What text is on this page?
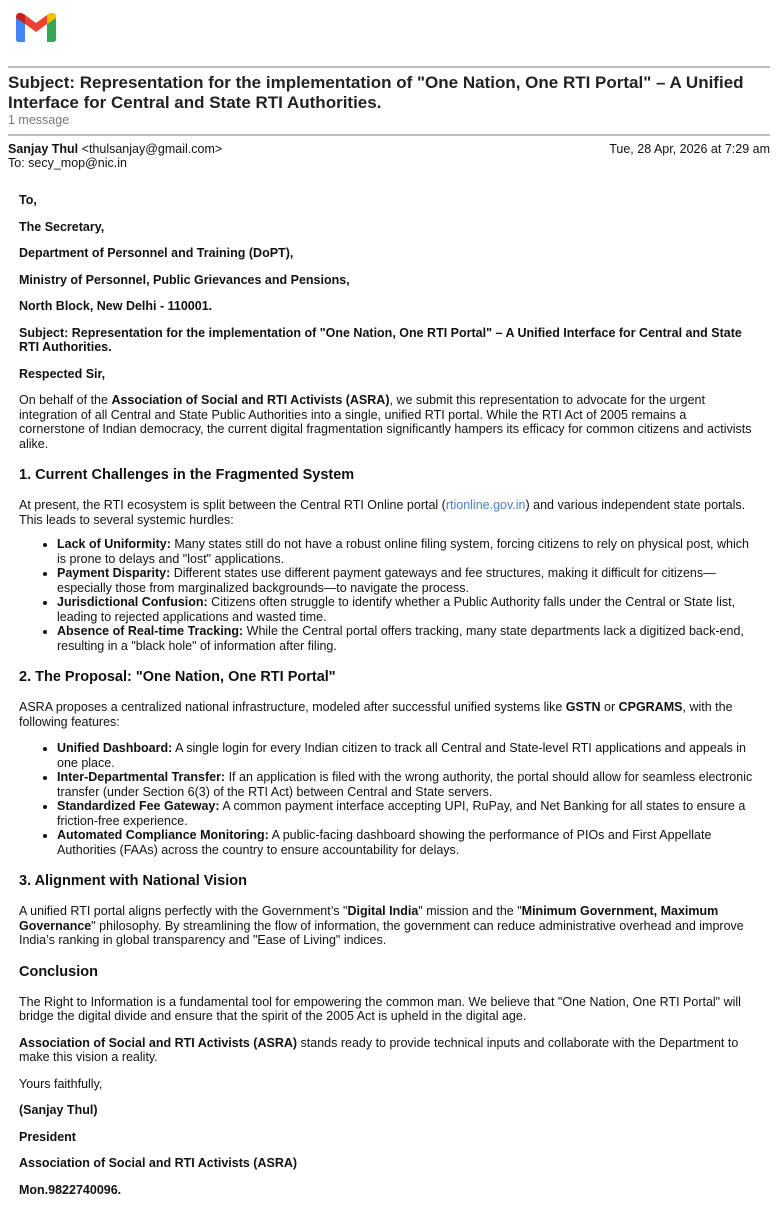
Subject: Representation for the implementation of "One Nation, One RTI Portal" – A Unified Interface for Central and State RTI Authorities.
1 message
Sanjay Thul <thulsanjay@gmail.com>	Tue, 28 Apr, 2026 at 7:29 am
To: secy_mop@nic.in

To,

The Secretary,

Department of Personnel and Training (DoPT),

Ministry of Personnel, Public Grievances and Pensions,

North Block, New Delhi - 110001.

Subject: Representation for the implementation of "One Nation, One RTI Portal" – A Unified Interface for Central and State RTI Authorities.

Respected Sir,

On behalf of the Association of Social and RTI Activists (ASRA), we submit this representation to advocate for the urgent integration of all Central and State Public Authorities into a single, unified RTI portal. While the RTI Act of 2005 remains a cornerstone of Indian democracy, the current digital fragmentation significantly hampers its efficacy for common citizens and activists alike.

1. Current Challenges in the Fragmented System

At present, the RTI ecosystem is split between the Central RTI Online portal (rtionline.gov.in) and various independent state portals. This leads to several systemic hurdles:

• Lack of Uniformity: Many states still do not have a robust online filing system, forcing citizens to rely on physical post, which is prone to delays and "lost" applications.
• Payment Disparity: Different states use different payment gateways and fee structures, making it difficult for citizens—especially those from marginalized backgrounds—to navigate the process.
• Jurisdictional Confusion: Citizens often struggle to identify whether a Public Authority falls under the Central or State list, leading to rejected applications and wasted time.
• Absence of Real-time Tracking: While the Central portal offers tracking, many state departments lack a digitized back-end, resulting in a "black hole" of information after filing.
2. The Proposal: "One Nation, One RTI Portal"

ASRA proposes a centralized national infrastructure, modeled after successful unified systems like GSTN or CPGRAMS, with the following features:

• Unified Dashboard: A single login for every Indian citizen to track all Central and State-level RTI applications and appeals in one place.
• Inter-Departmental Transfer: If an application is filed with the wrong authority, the portal should allow for seamless electronic transfer (under Section 6(3) of the RTI Act) between Central and State servers.
• Standardized Fee Gateway: A common payment interface accepting UPI, RuPay, and Net Banking for all states to ensure a friction-free experience.
• Automated Compliance Monitoring: A public-facing dashboard showing the performance of PIOs and First Appellate Authorities (FAAs) across the country to ensure accountability for delays.
3. Alignment with National Vision

A unified RTI portal aligns perfectly with the Government’s "Digital India" mission and the "Minimum Government, Maximum Governance" philosophy. By streamlining the flow of information, the government can reduce administrative overhead and improve India’s ranking in global transparency and "Ease of Living" indices.

Conclusion

The Right to Information is a fundamental tool for empowering the common man. We believe that "One Nation, One RTI Portal" will bridge the digital divide and ensure that the spirit of the 2005 Act is upheld in the digital age.

Association of Social and RTI Activists (ASRA) stands ready to provide technical inputs and collaborate with the Department to make this vision a reality.

Yours faithfully,

(Sanjay Thul)

President

Association of Social and RTI Activists (ASRA)

Mon.9822740096.
